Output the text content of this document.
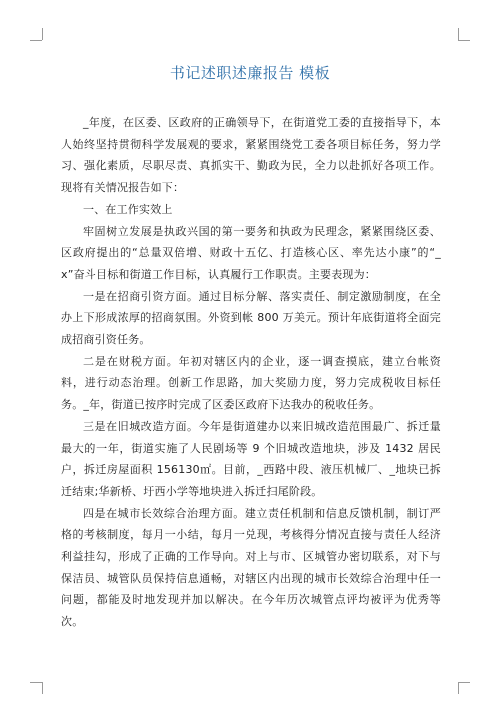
书记述职述廉报告 模板

_年度，在区委、区政府的正确领导下，在街道党工委的直接指导下，本人始终坚持贯彻科学发展观的要求，紧紧围绕党工委各项目标任务，努力学习、强化素质，尽职尽责、真抓实干、勤政为民，全力以赴抓好各项工作。现将有关情况报告如下：

一、在工作实效上

牢固树立发展是执政兴国的第一要务和执政为民理念，紧紧围绕区委、区政府提出的“总量双倍增、财政十五亿、打造核心区、率先达小康”的“_x”奋斗目标和街道工作目标，认真履行工作职责。主要表现为：

一是在招商引资方面。通过目标分解、落实责任、制定激励制度，在全办上下形成浓厚的招商氛围。外资到帐 800 万美元。预计年底街道将全面完成招商引资任务。

二是在财税方面。年初对辖区内的企业，逐一调查摸底，建立台帐资料，进行动态治理。创新工作思路，加大奖励力度，努力完成税收目标任务。_年，街道已按序时完成了区委区政府下达我办的税收任务。

三是在旧城改造方面。今年是街道建办以来旧城改造范围最广、拆迁量最大的一年，街道实施了人民剧场等 9 个旧城改造地块，涉及 1432 居民户，拆迁房屋面积 156130㎡。目前，_西路中段、液压机械厂、_地块已拆迁结束;华新桥、圩西小学等地块进入拆迁扫尾阶段。

四是在城市长效综合治理方面。建立责任机制和信息反馈机制，制订严格的考核制度，每月一小结，每月一兑现，考核得分情况直接与责任人经济利益挂勾，形成了正确的工作导向。对上与市、区城管办密切联系，对下与保洁员、城管队员保持信息通畅，对辖区内出现的城市长效综合治理中任一问题，都能及时地发现并加以解决。在今年历次城管点评均被评为优秀等次。
